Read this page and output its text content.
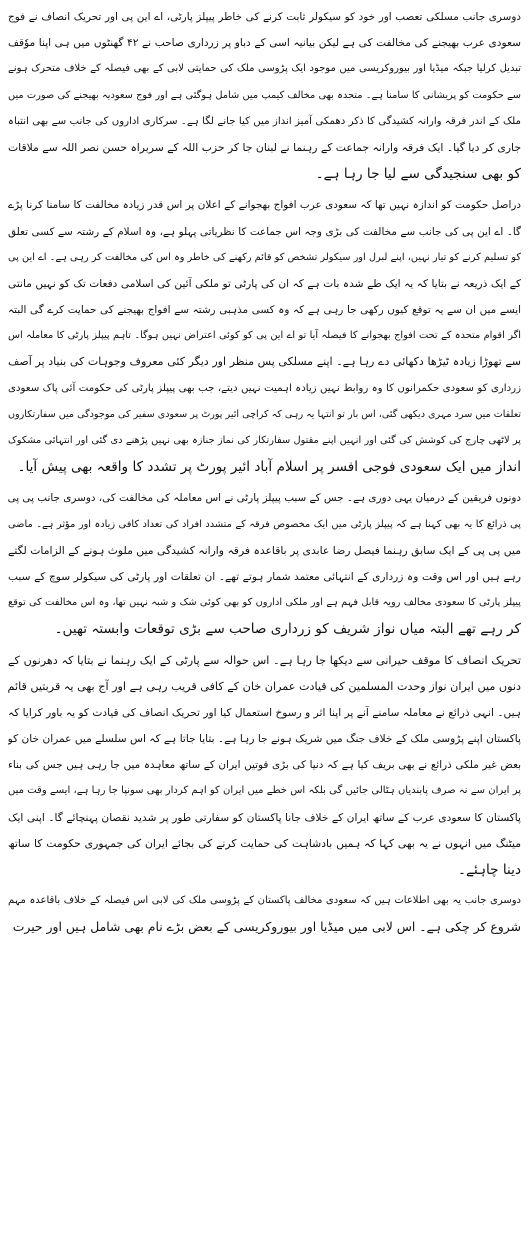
دوسری جانب مسلکی تعصب اور خود کو سیکولر ثابت کرنے کی خاطر پیپلز پارٹی، اے این پی اور تحریک انصاف نے فوج
سعودی عرب بھیجنے کی مخالفت کی ہے لیکن بیانیہ اسی کے دباو پر زرداری صاحب نے ۴۲ گھنٹوں میں ہی اپنا موٗقف
تبدیل کرلیا جبکہ میڈیا اور بیوروکریسی میں موجود ایک پڑوسی ملک کی حمایتی لابی کے بھی فیصلہ کے خلاف متحرک ہونے
سے حکومت کو پریشانی کا سامنا ہے۔ متحدہ بھی مخالف کیمپ میں شامل ہوگئی ہے اور فوج سعودیہ بھیجنے کی صورت میں
ملک کے اندر فرقہ وارانہ کشیدگی کا ذکر دھمکی آمیز انداز میں کیا جانے لگا ہے۔ سرکاری اداروں کی جانب سے بھی انتباہ
جاری کر دیا گیا۔ ایک فرقہ وارانہ جماعت کے رہنما نے لبنان جا کر حزب اللہ کے سربراہ حسن نصر اللہ سے ملاقات
کو بھی سنجیدگی سے لیا جا رہا ہے۔
دراصل حکومت کو اندازہ نہیں تھا کہ سعودی عرب افواج بھجوانے کے اعلان پر اس قدر زیادہ مخالفت کا سامنا کرنا پڑے
گا۔ اے این پی کی جانب سے مخالفت کی بڑی وجہ اس جماعت کا نظریاتی پہلو ہے، وہ اسلام کے رشتہ سے کسی تعلق
کو تسلیم کرنے کو تیار نہیں، اپنے لبرل اور سیکولر تشخص کو قائم رکھنے کی خاطر وہ اس کی مخالفت کر رہی ہے۔ اے این پی
کے ایک ذریعہ نے بتایا کہ یہ ایک طے شدہ بات ہے کہ ان کی پارٹی تو ملکی آئین کی اسلامی دفعات تک کو نہیں مانتی
ایسے میں ان سے یہ توقع کیوں رکھی جا رہی ہے کہ وہ کسی مذہبی رشتہ سے افواج بھیجنے کی حمایت کرے گی البتہ
اگر اقوام متحدہ کے تحت افواج بھجوانے کا فیصلہ آیا تو اے این پی کو کوئی اعتراض نہیں ہوگا۔ تاہم پیپلز پارٹی کا معاملہ اس
سے تھوڑا زیادہ ٹیڑھا دکھائی دے رہا ہے۔ اپنے مسلکی پس منظر اور دیگر کئی معروف وجوہات کی بنیاد پر آصف
زرداری کو سعودی حکمرانوں کا وہ روابط نہیں زیادہ اہمیت نہیں دیتے، جب بھی پیپلز پارٹی کی حکومت آئی پاک سعودی
تعلقات میں سرد مہری دیکھی گئی، اس بار تو انتہا یہ رہی کہ کراچی ائیر پورٹ پر سعودی سفیر کی موجودگی میں سفارتکاروں
پر لاٹھی چارج کی کوشش کی گئی اور انہیں اپنے مقتول سفارتکار کی نماز جنازہ بھی نہیں پڑھنے دی گئی اور انتہائی مشکوک
انداز میں ایک سعودی فوجی افسر پر اسلام آباد ائیر پورٹ پر تشدد کا واقعہ بھی پیش آیا۔
دونوں فریقین کے درمیان یہی دوری ہے۔ جس کے سبب پیپلز پارٹی نے اس معاملہ کی مخالفت کی، دوسری جانب پی پی
پی ذرائع کا یہ بھی کہنا ہے کہ پیپلز پارٹی میں ایک مخصوص فرقہ کے متشدد افراد کی تعداد کافی زیادہ اور مؤثر ہے۔ ماضی
میں پی پی کے ایک سابق رہنما فیصل رضا عابدی پر باقاعدہ فرقہ وارانہ کشیدگی میں ملوث ہونے کے الزامات لگتے
رہے ہیں اور اس وقت وہ زرداری کے انتہائی معتمد شمار ہوتے تھے۔ ان تعلقات اور پارٹی کی سیکولر سوچ کے سبب
پیپلز پارٹی کا سعودی مخالف رویہ قابل فہم ہے اور ملکی اداروں کو بھی کوئی شک و شبہ نہیں تھا، وہ اس مخالفت کی توقع
کر رہے تھے البتہ میاں نواز شریف کو زرداری صاحب سے بڑی توقعات وابستہ تھیں۔
تحریک انصاف کا موقف حیرانی سے دیکھا جا رہا ہے۔ اس حوالہ سے پارٹی کے ایک رہنما نے بتایا کہ دھرنوں کے
دنوں میں ایران نواز وحدت المسلمین کی قیادت عمران خان کے کافی قریب رہی ہے اور آج بھی یہ قربتیں قائم
ہیں۔ انہی ذرائع نے معاملہ سامنے آنے پر اپنا اثر و رسوخ استعمال کیا اور تحریک انصاف کی قیادت کو یہ باور کرایا کہ
پاکستان اپنے پڑوسی ملک کے خلاف جنگ میں شریک ہونے جا رہا ہے۔ بتایا جاتا ہے کہ اس سلسلے میں عمران خان کو
بعض غیر ملکی ذرائع نے بھی بریف کیا ہے کہ دنیا کی بڑی قوتیں ایران کے ساتھ معاہدہ میں جا رہی ہیں جس کی بناء
پر ایران سے نہ صرف پابندیاں ہٹالی جائیں گی بلکہ اس خطے میں ایران کو اہم کردار بھی سونپا جا رہا ہے، ایسے وقت میں
پاکستان کا سعودی عرب کے ساتھ ایران کے خلاف جانا پاکستان کو سفارتی طور پر شدید نقصان پہنچائے گا۔ اپنی ایک
میٹنگ میں انہوں نے یہ بھی کہا کہ ہمیں بادشاہت کی حمایت کرنے کی بجائے ایران کی جمہوری حکومت کا ساتھ
دینا چاہئے۔
دوسری جانب یہ بھی اطلاعات ہیں کہ سعودی مخالف پاکستان کے پڑوسی ملک کی لابی اس فیصلہ کے خلاف باقاعدہ مہم
شروع کر چکی ہے۔ اس لابی میں میڈیا اور بیوروکریسی کے بعض بڑے نام بھی شامل ہیں اور حیرت
